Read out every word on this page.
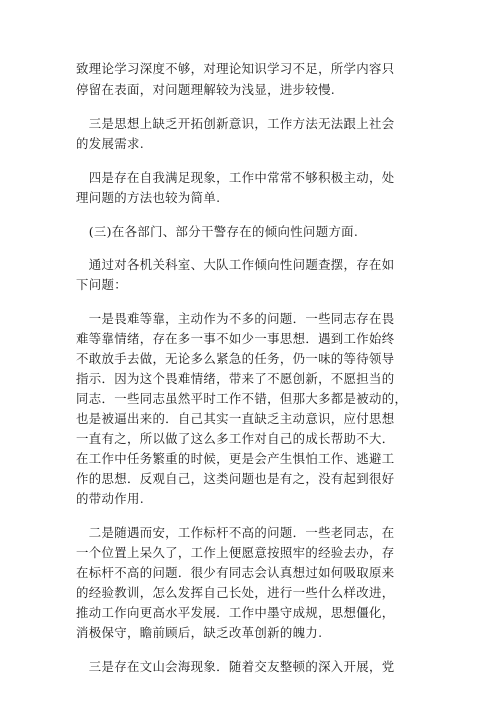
致理论学习深度不够，对理论知识学习不足，所学内容只
停留在表面，对问题理解较为浅显，进步较慢.
　三是思想上缺乏开拓创新意识，工作方法无法跟上社会
的发展需求.
　四是存在自我满足现象，工作中常常不够积极主动，处
理问题的方法也较为简单.
　(三)在各部门、部分干警存在的倾向性问题方面.
　通过对各机关科室、大队工作倾向性问题查摆，存在如
下问题：
　一是畏难等靠，主动作为不多的问题．一些同志存在畏
难等靠情绪，存在多一事不如少一事思想．遇到工作始终
不敢放手去做，无论多么紧急的任务，仍一味的等待领导
指示．因为这个畏难情绪，带来了不愿创新，不愿担当的
同志．一些同志虽然平时工作不错，但那大多都是被动的，
也是被逼出来的．自己其实一直缺乏主动意识，应付思想
一直有之，所以做了这么多工作对自己的成长帮助不大．
在工作中任务繁重的时候，更是会产生惧怕工作、逃避工
作的思想．反观自己，这类问题也是有之，没有起到很好
的带动作用.
　二是随遇而安，工作标杆不高的问题．一些老同志，在
一个位置上呆久了，工作上便愿意按照牢的经验去办，存
在标杆不高的问题．很少有同志会认真想过如何吸取原来
的经验教训，怎么发挥自己长处，进行一些什么样改进，
推动工作向更高水平发展．工作中墨守成规，思想僵化，
消极保守，瞻前顾后，缺乏改革创新的魄力.
　三是存在文山会海现象．随着交友整顿的深入开展，党
